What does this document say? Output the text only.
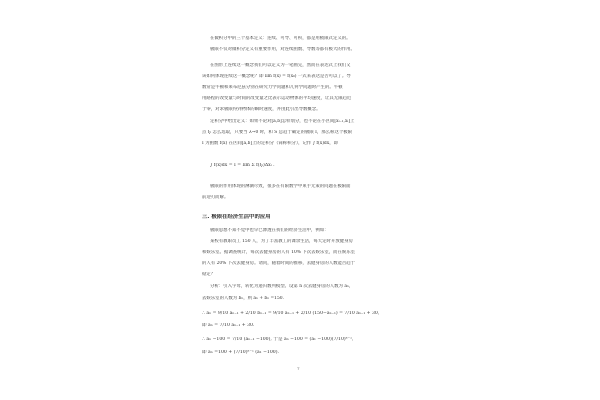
在微积分中的三个基本定义：连续、可导、可积，都是用极限式定义的。
极限不仅对微积分定义有重要作用，对连续函数、导数等都有极大的作用。
在图形上连续这一概念我们可以定义为一笔画完，然而在表达式上我们又
该如何体现连续这一概念呢？即 lim f(x) = f(x₀) 一式来表达是否可以了。导
数常是牛顿和莱布尼兹分别在研究力学问题和几何学问题时产生的。牛顿
用路程的改变量与时间的改变量之比表示运动物体的平均速度，让其无限趋近
于零，对求极限得到物体的瞬时速度，并由此引出导数概念。
定积分中给出定义：如果不论对[a,b]怎样划分，也不论在小区间[xᵢ₋₁,xᵢ]上
点 ξᵢ 怎么选取，只要当 λ→0 时，和 S 总趋于确定的极限 I，那么称这个极限
I 为函数 f(x) 在区间[a,b]上的定积分（简称积分），记作 ∫ f(x)dx，即
∫ f(x)dx = I = lim Σ f(ξᵢ)Δxᵢ .
极限的作用体现的淋漓尽致，很多在有限数学中束手无策的问题在极限面
前迎刃而解。
三. 极限在经济生活中的应用
极限思想不知不觉中也早已渗透在我们的经济生活中，例如：
某校有教职员工 150 人，为了丰富教工的课余生活，每天定时开放健身房
和娱乐室。据调查统计，每次去健身房的人有 10% 下次去娱乐室，而在娱乐室
的人有 20% 下次去健身房。请问，随着时间的推移，去健身房的人数能否趋于
稳定？
分析：引入字母，转化为递归数列模型。设第 n 次去健身房的人数为 aₙ，
去娱乐室的人数为 bₙ，则 aₙ + bₙ =150.
∴ aₙ = 9/10 aₙ₋₁ + 2/10 bₙ₋₁ = 9/10 aₙ₋₁ + 2/10 (150−aₙ₋₁) = 7/10 aₙ₋₁ + 30,
即 aₙ = 7/10 aₙ₋₁ + 30.
∴ aₙ −100 = 7/10 (aₙ₋₁ −100), 于是 aₙ −100 = (a₁ −100)(7/10)ⁿ⁻¹,
即 aₙ =100 + (7/10)ⁿ⁻¹ (a₁ −100).
7
